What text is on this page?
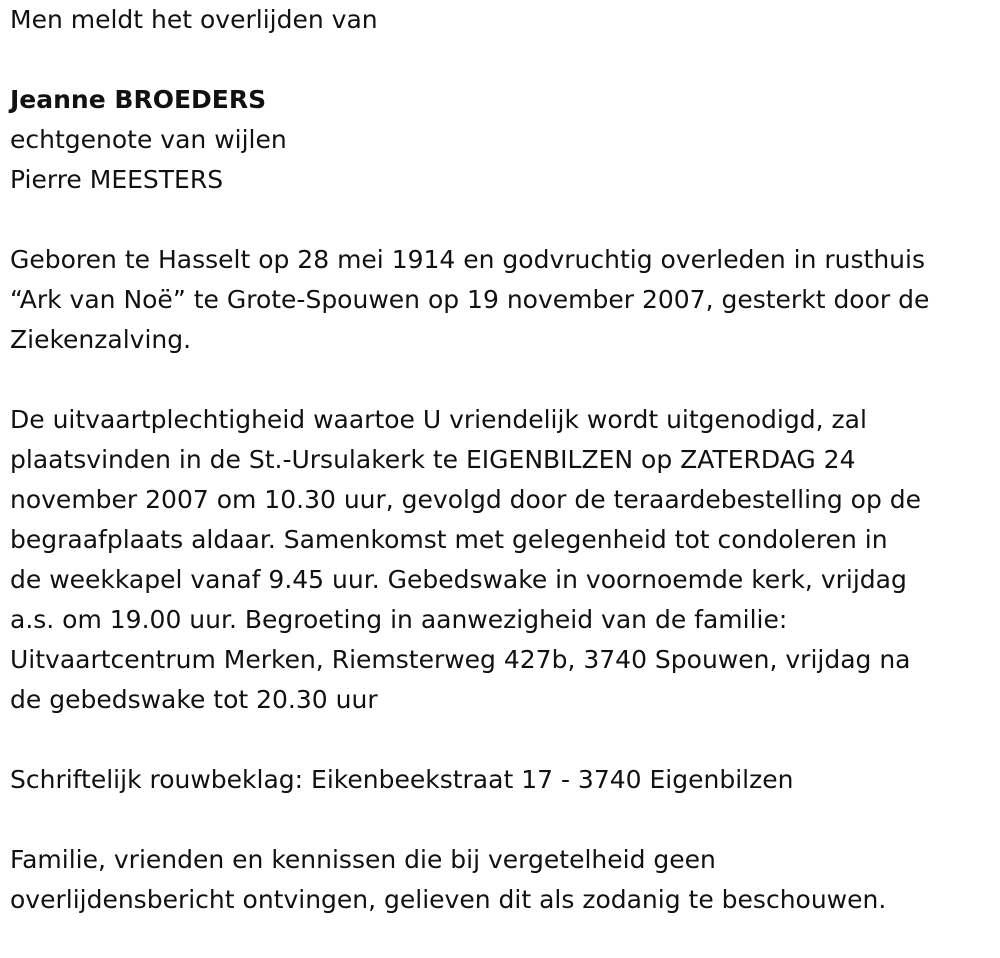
Men meldt het overlijden van

Jeanne BROEDERS

echtgenote van wijlen

Pierre MEESTERS

Geboren te Hasselt op 28 mei 1914 en godvruchtig overleden in rusthuis

“Ark van Noë” te Grote-Spouwen op 19 november 2007, gesterkt door de

Ziekenzalving.

De uitvaartplechtigheid waartoe U vriendelijk wordt uitgenodigd, zal

plaatsvinden in de St.-Ursulakerk te EIGENBILZEN op ZATERDAG 24

november 2007 om 10.30 uur, gevolgd door de teraardebestelling op de

begraafplaats aldaar. Samenkomst met gelegenheid tot condoleren in

de weekkapel vanaf 9.45 uur. Gebedswake in voornoemde kerk, vrijdag

a.s. om 19.00 uur. Begroeting in aanwezigheid van de familie:

Uitvaartcentrum Merken, Riemsterweg 427b, 3740 Spouwen, vrijdag na

de gebedswake tot 20.30 uur

Schriftelijk rouwbeklag: Eikenbeekstraat 17 - 3740 Eigenbilzen

Familie, vrienden en kennissen die bij vergetelheid geen

overlijdensbericht ontvingen, gelieven dit als zodanig te beschouwen.
